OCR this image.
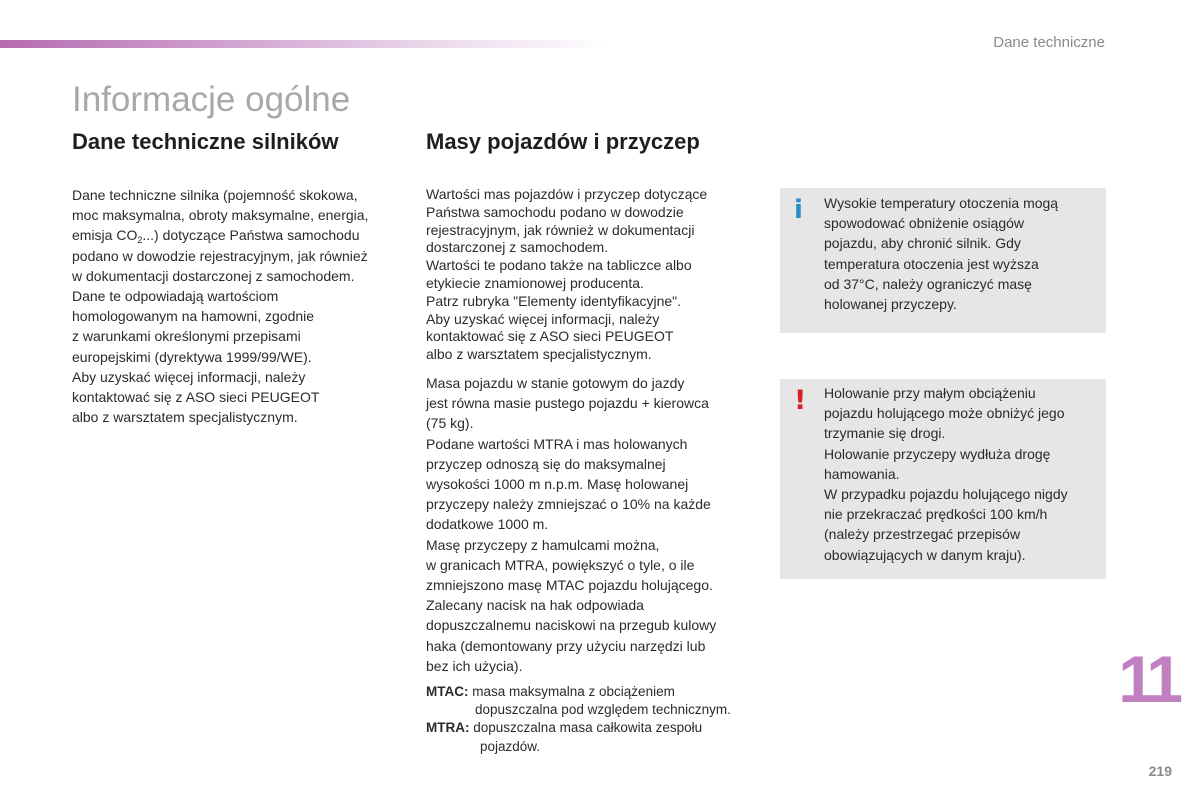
Dane techniczne
Informacje ogólne
Dane techniczne silników	Masy pojazdów i przyczep

Dane techniczne silnika (pojemność skokowa,

moc maksymalna, obroty maksymalne, energia,

emisja $CO_2$...) dotyczące Państwa samochodu

podano w dowodzie rejestracyjnym, jak również

w dokumentacji dostarczonej z samochodem.

Dane te odpowiadają wartościom

homologowanym na hamowni, zgodnie

z warunkami określonymi przepisami

europejskimi (dyrektywa 1999/99/WE).

Aby uzyskać więcej informacji, należy

kontaktować się z ASO sieci PEUGEOT

albo z warsztatem specjalistycznym.

Wartości mas pojazdów i przyczep dotyczące

Państwa samochodu podano w dowodzie

rejestracyjnym, jak również w dokumentacji

dostarczonej z samochodem.

Wartości te podano także na tabliczce albo

etykiecie znamionowej producenta.

Patrz rubryka "Elementy identyfikacyjne".

Aby uzyskać więcej informacji, należy

kontaktować się z ASO sieci PEUGEOT

albo z warsztatem specjalistycznym.

Masa pojazdu w stanie gotowym do jazdy

jest równa masie pustego pojazdu + kierowca

(75 kg).

Podane wartości MTRA i mas holowanych

przyczep odnoszą się do maksymalnej

wysokości 1000 m n.p.m. Masę holowanej

przyczepy należy zmniejszać o 10% na każde

dodatkowe 1000 m.

Masę przyczepy z hamulcami można,

w granicach MTRA, powiększyć o tyle, o ile

zmniejszono masę MTAC pojazdu holującego.

Zalecany nacisk na hak odpowiada

dopuszczalnemu naciskowi na przegub kulowy

haka (demontowany przy użyciu narzędzi lub

bez ich użycia).

MTAC: masa maksymalna z obciążeniem

dopuszczalna pod względem technicznym.

MTRA: dopuszczalna masa całkowita zespołu

pojazdów.

i Wysokie temperatury otoczenia mogą

spowodować obniżenie osiągów

pojazdu, aby chronić silnik. Gdy

temperatura otoczenia jest wyższa

od 37°C, należy ograniczyć masę

holowanej przyczepy.

! Holowanie przy małym obciążeniu

pojazdu holującego może obniżyć jego

trzymanie się drogi.

Holowanie przyczepy wydłuża drogę

hamowania.

W przypadku pojazdu holującego nigdy

nie przekraczać prędkości 100 km/h

(należy przestrzegać przepisów

obowiązujących w danym kraju).

11
219
